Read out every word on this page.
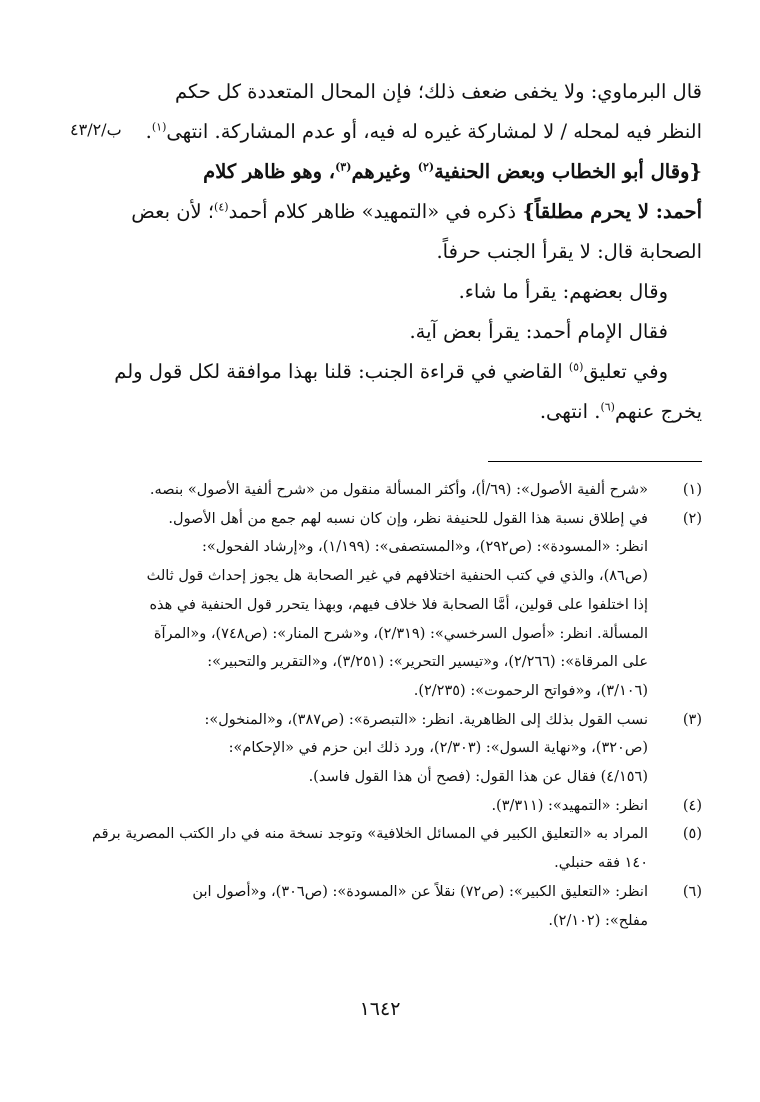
ب/٤٣/٢

قال البرماوي: ولا يخفى ضعف ذلك؛ فإن المحال المتعددة كل حكم

النظر فيه لمحله / لا لمشاركة غيره له فيه، أو عدم المشاركة. انتهى$^{(١)}$.

{وقال أبو الخطاب وبعض الحنفية$^{(٢)}$ وغيرهم$^{(٣)}$، وهو ظاهر كلام

أحمد: لا يحرم مطلقاً} ذكره في «التمهيد» ظاهر كلام أحمد$^{(٤)}$؛ لأن بعض

الصحابة قال: لا يقرأ الجنب حرفاً.

وقال بعضهم: يقرأ ما شاء.

فقال الإمام أحمد: يقرأ بعض آية.

وفي تعليق$^{(٥)}$ القاضي في قراءة الجنب: قلنا بهذا موافقة لكل قول ولم

يخرج عنهم$^{(٦)}$. انتهى.

(١)
«شرح ألفية الأصول»: (٦٩/أ)، وأكثر المسألة منقول من «شرح ألفية الأصول» بنصه.
(٢)
في إطلاق نسبة هذا القول للحنيفة نظر، وإن كان نسبه لهم جمع من أهل الأصول.
انظر: «المسودة»: (ص٢٩٢)، و«المستصفى»: (١/١٩٩)، و«إرشاد الفحول»:
(ص٨٦)، والذي في كتب الحنفية اختلافهم في غير الصحابة هل يجوز إحداث قول ثالث
إذا اختلفوا على قولين، أمَّا الصحابة فلا خلاف فيهم، وبهذا يتحرر قول الحنفية في هذه
المسألة. انظر: «أصول السرخسي»: (٢/٣١٩)، و«شرح المنار»: (ص٧٤٨)، و«المرآة
على المرقاة»: (٢/٢٦٦)، و«تيسير التحرير»: (٣/٢٥١)، و«التقرير والتحبير»:
(٣/١٠٦)، و«فواتح الرحموت»: (٢/٢٣٥).
(٣)
نسب القول بذلك إلى الظاهرية. انظر: «التبصرة»: (ص٣٨٧)، و«المنخول»:
(ص٣٢٠)، و«نهاية السول»: (٢/٣٠٣)، ورد ذلك ابن حزم في «الإحكام»:
(٤/١٥٦) فقال عن هذا القول: (فصح أن هذا القول فاسد).
(٤)
انظر: «التمهيد»: (٣/٣١١).
(٥)
المراد به «التعليق الكبير في المسائل الخلافية» وتوجد نسخة منه في دار الكتب المصرية برقم
١٤٠ فقه حنبلي.
(٦)
انظر: «التعليق الكبير»: (ص٧٢) نقلاً عن «المسودة»: (ص٣٠٦)، و«أصول ابن
مفلح»: (٢/١٠٢).
١٦٤٢
